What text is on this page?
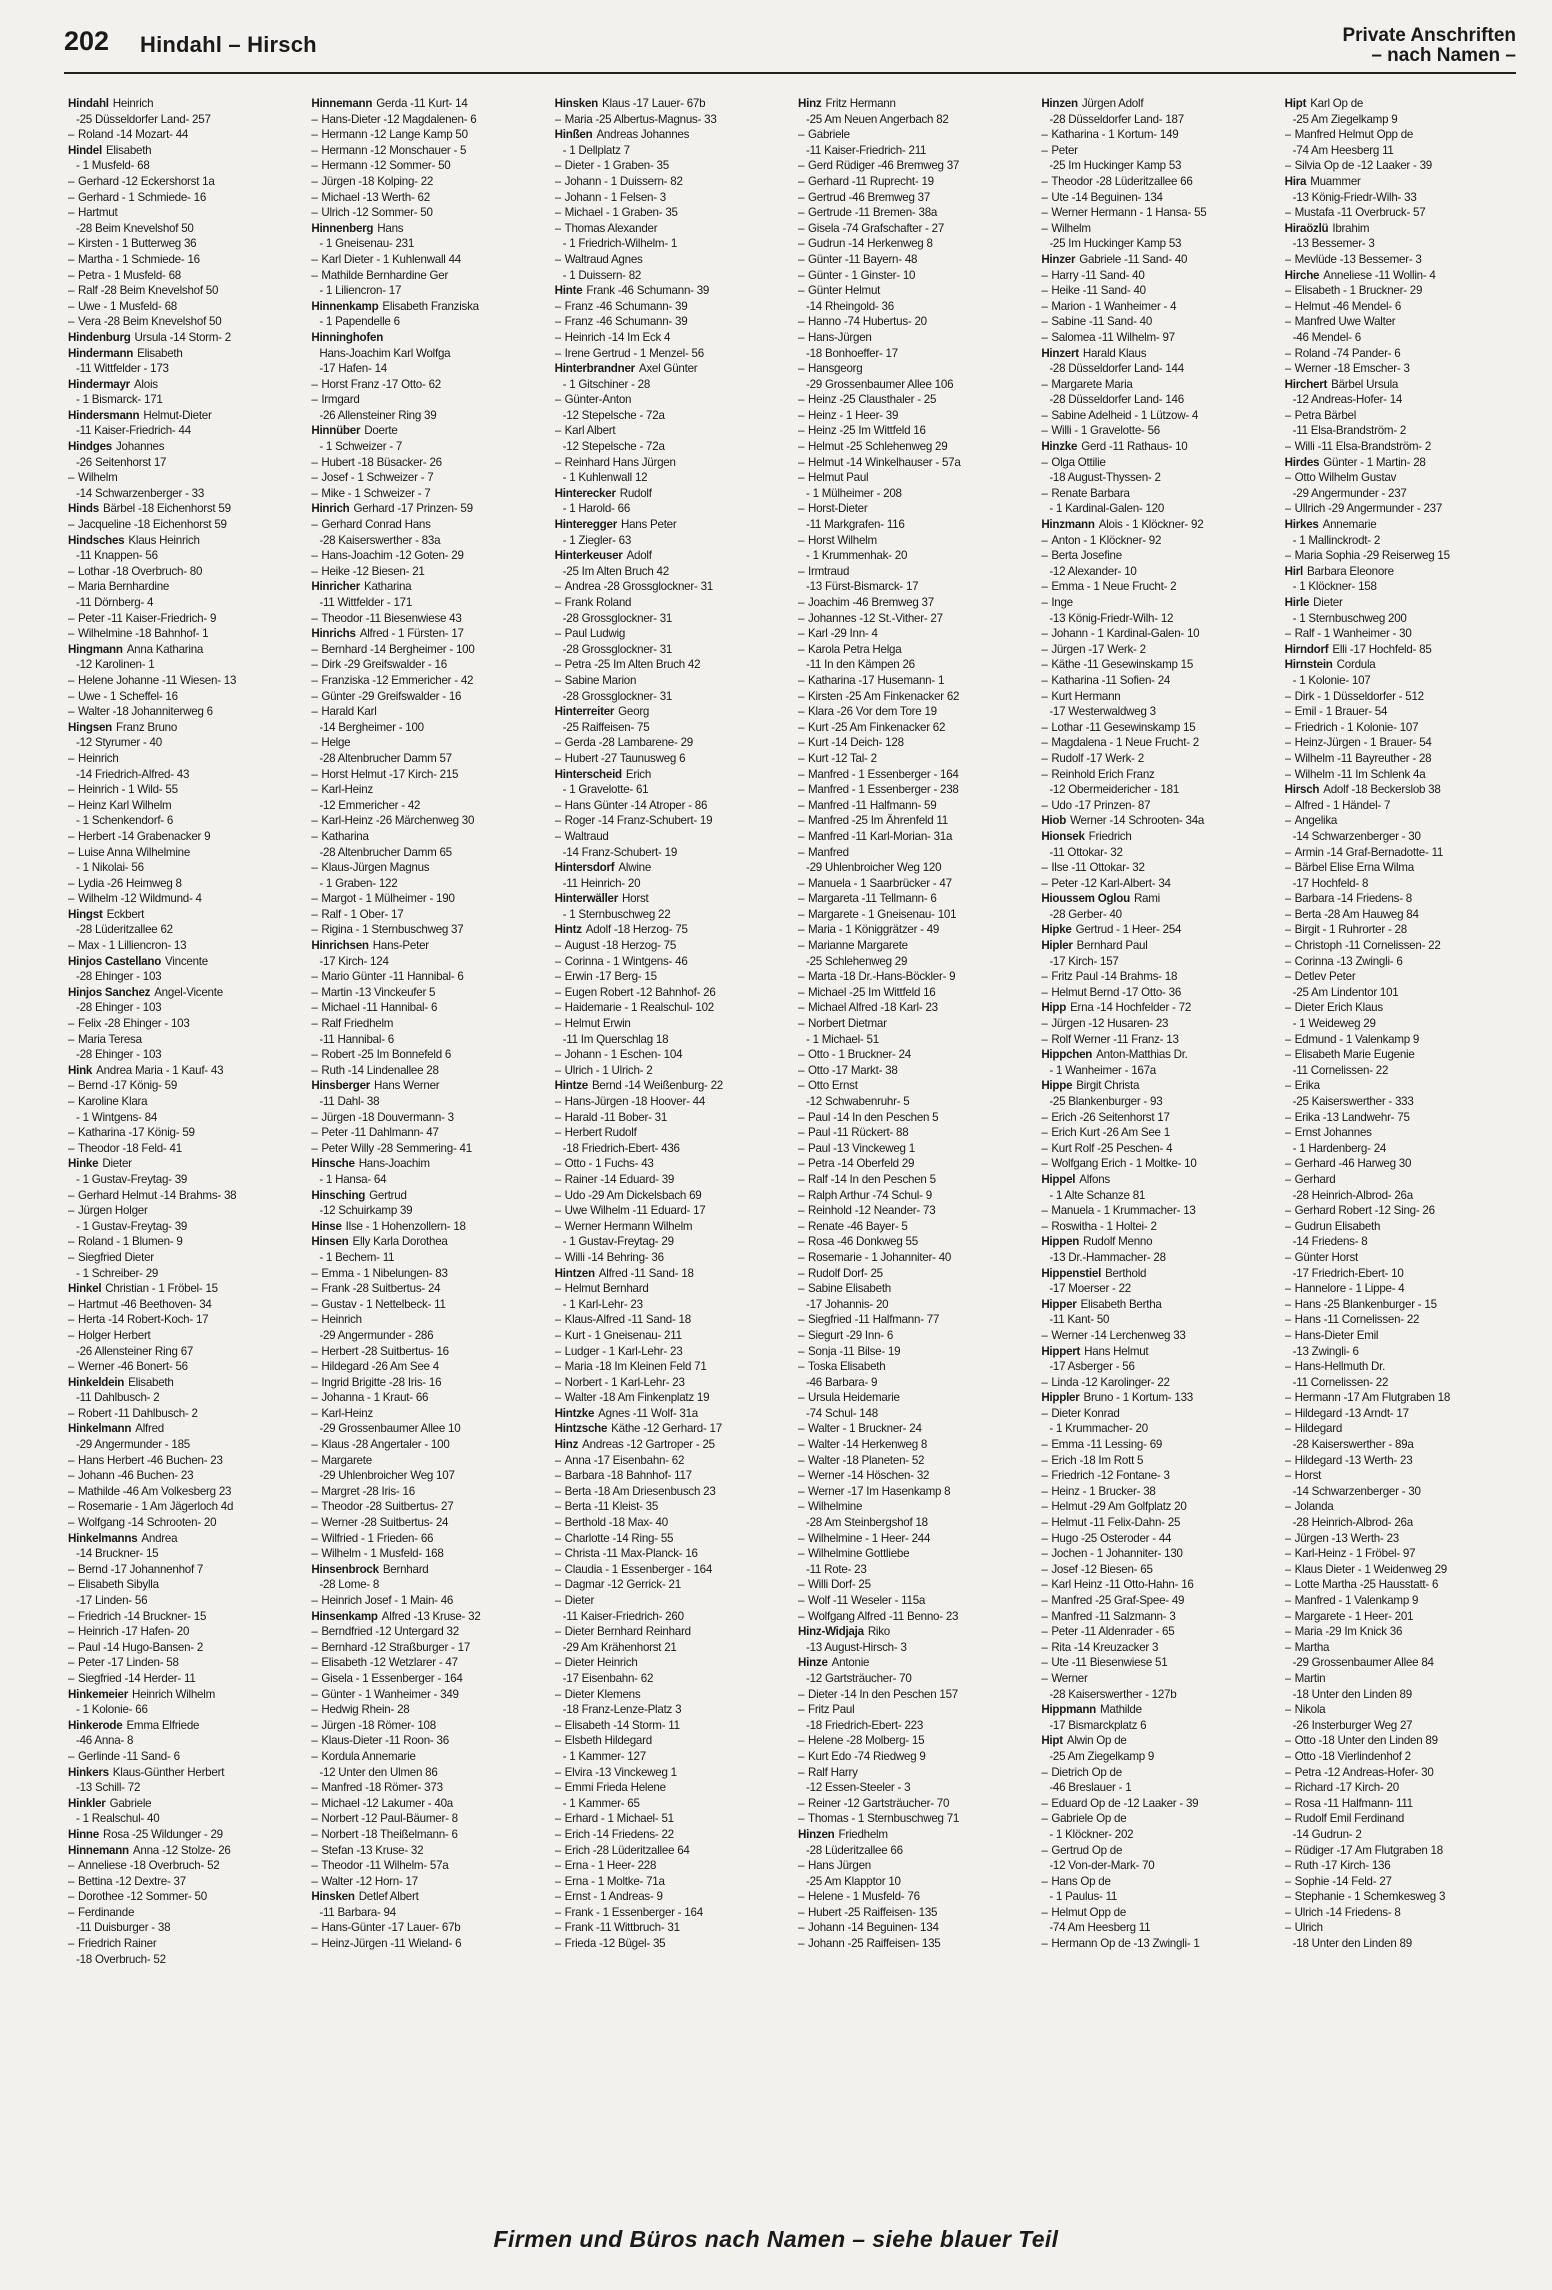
202 Hindahl – Hirsch	Private Anschriften
– nach Namen –
Hindahl Heinrich
-25 Düsseldorfer Land- 257
– Roland -14 Mozart- 44
Hindel Elisabeth
- 1 Musfeld- 68
– Gerhard -12 Eckershorst 1a
– Gerhard - 1 Schmiede- 16
– Hartmut
-28 Beim Knevelshof 50
– Kirsten - 1 Butterweg 36
– Martha - 1 Schmiede- 16
– Petra - 1 Musfeld- 68
– Ralf -28 Beim Knevelshof 50
– Uwe - 1 Musfeld- 68
– Vera -28 Beim Knevelshof 50
Hindenburg Ursula -14 Storm- 2
Hindermann Elisabeth
-11 Wittfelder - 173
Hindermayr Alois
- 1 Bismarck- 171
Hindersmann Helmut-Dieter
-11 Kaiser-Friedrich- 44
Hindges Johannes
-26 Seitenhorst 17
– Wilhelm
-14 Schwarzenberger - 33
Hinds Bärbel -18 Eichenhorst 59
– Jacqueline -18 Eichenhorst 59
Hindsches Klaus Heinrich
-11 Knappen- 56
– Lothar -18 Overbruch- 80
– Maria Bernhardine
-11 Dörnberg- 4
– Peter -11 Kaiser-Friedrich- 9
– Wilhelmine -18 Bahnhof- 1
Hingmann Anna Katharina
-12 Karolinen- 1
– Helene Johanne -11 Wiesen- 13
– Uwe - 1 Scheffel- 16
– Walter -18 Johanniterweg 6
Hingsen Franz Bruno
-12 Styrumer - 40
– Heinrich
-14 Friedrich-Alfred- 43
– Heinrich - 1 Wild- 55
– Heinz Karl Wilhelm
- 1 Schenkendorf- 6
– Herbert -14 Grabenacker 9
– Luise Anna Wilhelmine
- 1 Nikolai- 56
– Lydia -26 Heimweg 8
– Wilhelm -12 Wildmund- 4
Hingst Eckbert
-28 Lüderitzallee 62
– Max - 1 Lilliencron- 13
Hinjos Castellano Vincente
-28 Ehinger - 103
Hinjos Sanchez Angel-Vicente
-28 Ehinger - 103
– Felix -28 Ehinger - 103
– Maria Teresa
-28 Ehinger - 103
Hink Andrea Maria - 1 Kauf- 43
– Bernd -17 König- 59
– Karoline Klara
- 1 Wintgens- 84
– Katharina -17 König- 59
– Theodor -18 Feld- 41
Hinke Dieter
- 1 Gustav-Freytag- 39
– Gerhard Helmut -14 Brahms- 38
– Jürgen Holger
- 1 Gustav-Freytag- 39
– Roland - 1 Blumen- 9
– Siegfried Dieter
- 1 Schreiber- 29
Hinkel Christian - 1 Fröbel- 15
– Hartmut -46 Beethoven- 34
– Herta -14 Robert-Koch- 17
– Holger Herbert
-26 Allensteiner Ring 67
– Werner -46 Bonert- 56
Hinkeldein Elisabeth
-11 Dahlbusch- 2
– Robert -11 Dahlbusch- 2
Hinkelmann Alfred
-29 Angermunder - 185
– Hans Herbert -46 Buchen- 23
– Johann -46 Buchen- 23
– Mathilde -46 Am Volkesberg 23
– Rosemarie - 1 Am Jägerloch 4d
– Wolfgang -14 Schrooten- 20
Hinkelmanns Andrea
-14 Bruckner- 15
– Bernd -17 Johannenhof 7
– Elisabeth Sibylla
-17 Linden- 56
– Friedrich -14 Bruckner- 15
– Heinrich -17 Hafen- 20
– Paul -14 Hugo-Bansen- 2
– Peter -17 Linden- 58
– Siegfried -14 Herder- 11
Hinkemeier Heinrich Wilhelm
- 1 Kolonie- 66
Hinkerode Emma Elfriede
-46 Anna- 8
– Gerlinde -11 Sand- 6
Hinkers Klaus-Günther Herbert
-13 Schill- 72
Hinkler Gabriele
- 1 Realschul- 40
Hinne Rosa -25 Wildunger - 29
Hinnemann Anna -12 Stolze- 26
– Anneliese -18 Overbruch- 52
– Bettina -12 Dextre- 37
– Dorothee -12 Sommer- 50
– Ferdinande
-11 Duisburger - 38
– Friedrich Rainer
-18 Overbruch- 52
Hinnemann Gerda -11 Kurt- 14
– Hans-Dieter -12 Magdalenen- 6
– Hermann -12 Lange Kamp 50
– Hermann -12 Monschauer - 5
– Hermann -12 Sommer- 50
– Jürgen -18 Kolping- 22
– Michael -13 Werth- 62
– Ulrich -12 Sommer- 50
Hinnenberg Hans
- 1 Gneisenau- 231
– Karl Dieter - 1 Kuhlenwall 44
– Mathilde Bernhardine Ger
- 1 Liliencron- 17
Hinnenkamp Elisabeth Franziska
- 1 Papendelle 6
Hinninghofen
Hans-Joachim Karl Wolfga
-17 Hafen- 14
– Horst Franz -17 Otto- 62
– Irmgard
-26 Allensteiner Ring 39
Hinnüber Doerte
- 1 Schweizer - 7
– Hubert -18 Büsacker- 26
– Josef - 1 Schweizer - 7
– Mike - 1 Schweizer - 7
Hinrich Gerhard -17 Prinzen- 59
– Gerhard Conrad Hans
-28 Kaiserswerther - 83a
– Hans-Joachim -12 Goten- 29
– Heike -12 Biesen- 21
Hinricher Katharina
-11 Wittfelder - 171
– Theodor -11 Biesenwiese 43
Hinrichs Alfred - 1 Fürsten- 17
– Bernhard -14 Bergheimer - 100
– Dirk -29 Greifswalder - 16
– Franziska -12 Emmericher - 42
– Günter -29 Greifswalder - 16
– Harald Karl
-14 Bergheimer - 100
– Helge
-28 Altenbrucher Damm 57
– Horst Helmut -17 Kirch- 215
– Karl-Heinz
-12 Emmericher - 42
– Karl-Heinz -26 Märchenweg 30
– Katharina
-28 Altenbrucher Damm 65
– Klaus-Jürgen Magnus
- 1 Graben- 122
– Margot - 1 Mülheimer - 190
– Ralf - 1 Ober- 17
– Rigina - 1 Sternbuschweg 37
Hinrichsen Hans-Peter
-17 Kirch- 124
– Mario Günter -11 Hannibal- 6
– Martin -13 Vinckeufer 5
– Michael -11 Hannibal- 6
– Ralf Friedhelm
-11 Hannibal- 6
– Robert -25 Im Bonnefeld 6
– Ruth -14 Lindenallee 28
Hinsberger Hans Werner
-11 Dahl- 38
– Jürgen -18 Douvermann- 3
– Peter -11 Dahlmann- 47
– Peter Willy -28 Semmering- 41
Hinsche Hans-Joachim
- 1 Hansa- 64
Hinsching Gertrud
-12 Schuirkamp 39
Hinse Ilse - 1 Hohenzollern- 18
Hinsen Elly Karla Dorothea
- 1 Bechem- 11
– Emma - 1 Nibelungen- 83
– Frank -28 Suitbertus- 24
– Gustav - 1 Nettelbeck- 11
– Heinrich
-29 Angermunder - 286
– Herbert -28 Suitbertus- 16
– Hildegard -26 Am See 4
– Ingrid Brigitte -28 Iris- 16
– Johanna - 1 Kraut- 66
– Karl-Heinz
-29 Grossenbaumer Allee 10
– Klaus -28 Angertaler - 100
– Margarete
-29 Uhlenbroicher Weg 107
– Margret -28 Iris- 16
– Theodor -28 Suitbertus- 27
– Werner -28 Suitbertus- 24
– Wilfried - 1 Frieden- 66
– Wilhelm - 1 Musfeld- 168
Hinsenbrock Bernhard
-28 Lome- 8
– Heinrich Josef - 1 Main- 46
Hinsenkamp Alfred -13 Kruse- 32
– Berndfried -12 Untergard 32
– Bernhard -12 Straßburger - 17
– Elisabeth -12 Wetzlarer - 47
– Gisela - 1 Essenberger - 164
– Günter - 1 Wanheimer - 349
– Hedwig Rhein- 28
– Jürgen -18 Römer- 108
– Klaus-Dieter -11 Roon- 36
– Kordula Annemarie
-12 Unter den Ulmen 86
– Manfred -18 Römer- 373
– Michael -12 Lakumer - 40a
– Norbert -12 Paul-Bäumer- 8
– Norbert -18 Theißelmann- 6
– Stefan -13 Kruse- 32
– Theodor -11 Wilhelm- 57a
– Walter -12 Horn- 17
Hinsken Detlef Albert
-11 Barbara- 94
– Hans-Günter -17 Lauer- 67b
– Heinz-Jürgen -11 Wieland- 6
Hinsken Klaus -17 Lauer- 67b
– Maria -25 Albertus-Magnus- 33
Hinßen Andreas Johannes
- 1 Dellplatz 7
– Dieter - 1 Graben- 35
– Johann - 1 Duissern- 82
– Johann - 1 Felsen- 3
– Michael - 1 Graben- 35
– Thomas Alexander
- 1 Friedrich-Wilhelm- 1
– Waltraud Agnes
- 1 Duissern- 82
Hinte Frank -46 Schumann- 39
– Franz -46 Schumann- 39
– Franz -46 Schumann- 39
– Heinrich -14 Im Eck 4
– Irene Gertrud - 1 Menzel- 56
Hinterbrandner Axel Günter
- 1 Gitschiner - 28
– Günter-Anton
-12 Stepelsche - 72a
– Karl Albert
-12 Stepelsche - 72a
– Reinhard Hans Jürgen
- 1 Kuhlenwall 12
Hinterecker Rudolf
- 1 Harold- 66
Hinteregger Hans Peter
- 1 Ziegler- 63
Hinterkeuser Adolf
-25 Im Alten Bruch 42
– Andrea -28 Grossglockner- 31
– Frank Roland
-28 Grossglockner- 31
– Paul Ludwig
-28 Grossglockner- 31
– Petra -25 Im Alten Bruch 42
– Sabine Marion
-28 Grossglockner- 31
Hinterreiter Georg
-25 Raiffeisen- 75
– Gerda -28 Lambarene- 29
– Hubert -27 Taunusweg 6
Hinterscheid Erich
- 1 Gravelotte- 61
– Hans Günter -14 Atroper - 86
– Roger -14 Franz-Schubert- 19
– Waltraud
-14 Franz-Schubert- 19
Hintersdorf Alwine
-11 Heinrich- 20
Hinterwäller Horst
- 1 Sternbuschweg 22
Hintz Adolf -18 Herzog- 75
– August -18 Herzog- 75
– Corinna - 1 Wintgens- 46
– Erwin -17 Berg- 15
– Eugen Robert -12 Bahnhof- 26
– Haidemarie - 1 Realschul- 102
– Helmut Erwin
-11 Im Querschlag 18
– Johann - 1 Eschen- 104
– Ulrich - 1 Ulrich- 2
Hintze Bernd -14 Weißenburg- 22
– Hans-Jürgen -18 Hoover- 44
– Harald -11 Bober- 31
– Herbert Rudolf
-18 Friedrich-Ebert- 436
– Otto - 1 Fuchs- 43
– Rainer -14 Eduard- 39
– Udo -29 Am Dickelsbach 69
– Uwe Wilhelm -11 Eduard- 17
– Werner Hermann Wilhelm
- 1 Gustav-Freytag- 29
– Willi -14 Behring- 36
Hintzen Alfred -11 Sand- 18
– Helmut Bernhard
- 1 Karl-Lehr- 23
– Klaus-Alfred -11 Sand- 18
– Kurt - 1 Gneisenau- 211
– Ludger - 1 Karl-Lehr- 23
– Maria -18 Im Kleinen Feld 71
– Norbert - 1 Karl-Lehr- 23
– Walter -18 Am Finkenplatz 19
Hintzke Agnes -11 Wolf- 31a
Hintzsche Käthe -12 Gerhard- 17
Hinz Andreas -12 Gartroper - 25
– Anna -17 Eisenbahn- 62
– Barbara -18 Bahnhof- 117
– Berta -18 Am Driesenbusch 23
– Berta -11 Kleist- 35
– Berthold -18 Max- 40
– Charlotte -14 Ring- 55
– Christa -11 Max-Planck- 16
– Claudia - 1 Essenberger - 164
– Dagmar -12 Gerrick- 21
– Dieter
-11 Kaiser-Friedrich- 260
– Dieter Bernhard Reinhard
-29 Am Krähenhorst 21
– Dieter Heinrich
-17 Eisenbahn- 62
– Dieter Klemens
-18 Franz-Lenze-Platz 3
– Elisabeth -14 Storm- 11
– Elsbeth Hildegard
- 1 Kammer- 127
– Elvira -13 Vinckeweg 1
– Emmi Frieda Helene
- 1 Kammer- 65
– Erhard - 1 Michael- 51
– Erich -14 Friedens- 22
– Erich -28 Lüderitzallee 64
– Erna - 1 Heer- 228
– Erna - 1 Moltke- 71a
– Ernst - 1 Andreas- 9
– Frank - 1 Essenberger - 164
– Frank -11 Wittbruch- 31
– Frieda -12 Bügel- 35
Hinz Fritz Hermann
-25 Am Neuen Angerbach 82
– Gabriele
-11 Kaiser-Friedrich- 211
– Gerd Rüdiger -46 Bremweg 37
– Gerhard -11 Ruprecht- 19
– Gertrud -46 Bremweg 37
– Gertrude -11 Bremen- 38a
– Gisela -74 Grafschafter - 27
– Gudrun -14 Herkenweg 8
– Günter -11 Bayern- 48
– Günter - 1 Ginster- 10
– Günter Helmut
-14 Rheingold- 36
– Hanno -74 Hubertus- 20
– Hans-Jürgen
-18 Bonhoeffer- 17
– Hansgeorg
-29 Grossenbaumer Allee 106
– Heinz -25 Clausthaler - 25
– Heinz - 1 Heer- 39
– Heinz -25 Im Wittfeld 16
– Helmut -25 Schlehenweg 29
– Helmut -14 Winkelhauser - 57a
– Helmut Paul
- 1 Mülheimer - 208
– Horst-Dieter
-11 Markgrafen- 116
– Horst Wilhelm
- 1 Krummenhak- 20
– Irmtraud
-13 Fürst-Bismarck- 17
– Joachim -46 Bremweg 37
– Johannes -12 St.-Vither- 27
– Karl -29 Inn- 4
– Karola Petra Helga
-11 In den Kämpen 26
– Katharina -17 Husemann- 1
– Kirsten -25 Am Finkenacker 62
– Klara -26 Vor dem Tore 19
– Kurt -25 Am Finkenacker 62
– Kurt -14 Deich- 128
– Kurt -12 Tal- 2
– Manfred - 1 Essenberger - 164
– Manfred - 1 Essenberger - 238
– Manfred -11 Halfmann- 59
– Manfred -25 Im Ährenfeld 11
– Manfred -11 Karl-Morian- 31a
– Manfred
-29 Uhlenbroicher Weg 120
– Manuela - 1 Saarbrücker - 47
– Margareta -11 Tellmann- 6
– Margarete - 1 Gneisenau- 101
– Maria - 1 Königgrätzer - 49
– Marianne Margarete
-25 Schlehenweg 29
– Marta -18 Dr.-Hans-Böckler- 9
– Michael -25 Im Wittfeld 16
– Michael Alfred -18 Karl- 23
– Norbert Dietmar
- 1 Michael- 51
– Otto - 1 Bruckner- 24
– Otto -17 Markt- 38
– Otto Ernst
-12 Schwabenruhr- 5
– Paul -14 In den Peschen 5
– Paul -11 Rückert- 88
– Paul -13 Vinckeweg 1
– Petra -14 Oberfeld 29
– Ralf -14 In den Peschen 5
– Ralph Arthur -74 Schul- 9
– Reinhold -12 Neander- 73
– Renate -46 Bayer- 5
– Rosa -46 Donkweg 55
– Rosemarie - 1 Johanniter- 40
– Rudolf Dorf- 25
– Sabine Elisabeth
-17 Johannis- 20
– Siegfried -11 Halfmann- 77
– Siegurt -29 Inn- 6
– Sonja -11 Bilse- 19
– Toska Elisabeth
-46 Barbara- 9
– Ursula Heidemarie
-74 Schul- 148
– Walter - 1 Bruckner- 24
– Walter -14 Herkenweg 8
– Walter -18 Planeten- 52
– Werner -14 Höschen- 32
– Werner -17 Im Hasenkamp 8
– Wilhelmine
-28 Am Steinbergshof 18
– Wilhelmine - 1 Heer- 244
– Wilhelmine Gottliebe
-11 Rote- 23
– Willi Dorf- 25
– Wolf -11 Weseler - 115a
– Wolfgang Alfred -11 Benno- 23
Hinz-Widjaja Riko
-13 August-Hirsch- 3
Hinze Antonie
-12 Gartsträucher- 70
– Dieter -14 In den Peschen 157
– Fritz Paul
-18 Friedrich-Ebert- 223
– Helene -28 Molberg- 15
– Kurt Edo -74 Riedweg 9
– Ralf Harry
-12 Essen-Steeler - 3
– Reiner -12 Gartsträucher- 70
– Thomas - 1 Sternbuschweg 71
Hinzen Friedhelm
-28 Lüderitzallee 66
– Hans Jürgen
-25 Am Klapptor 10
– Helene - 1 Musfeld- 76
– Hubert -25 Raiffeisen- 135
– Johann -14 Beguinen- 134
– Johann -25 Raiffeisen- 135
Hinzen Jürgen Adolf
-28 Düsseldorfer Land- 187
– Katharina - 1 Kortum- 149
– Peter
-25 Im Huckinger Kamp 53
– Theodor -28 Lüderitzallee 66
– Ute -14 Beguinen- 134
– Werner Hermann - 1 Hansa- 55
– Wilhelm
-25 Im Huckinger Kamp 53
Hinzer Gabriele -11 Sand- 40
– Harry -11 Sand- 40
– Heike -11 Sand- 40
– Marion - 1 Wanheimer - 4
– Sabine -11 Sand- 40
– Salomea -11 Wilhelm- 97
Hinzert Harald Klaus
-28 Düsseldorfer Land- 144
– Margarete Maria
-28 Düsseldorfer Land- 146
– Sabine Adelheid - 1 Lützow- 4
– Willi - 1 Gravelotte- 56
Hinzke Gerd -11 Rathaus- 10
– Olga Ottilie
-18 August-Thyssen- 2
– Renate Barbara
- 1 Kardinal-Galen- 120
Hinzmann Alois - 1 Klöckner- 92
– Anton - 1 Klöckner- 92
– Berta Josefine
-12 Alexander- 10
– Emma - 1 Neue Frucht- 2
– Inge
-13 König-Friedr-Wilh- 12
– Johann - 1 Kardinal-Galen- 10
– Jürgen -17 Werk- 2
– Käthe -11 Gesewinskamp 15
– Katharina -11 Sofien- 24
– Kurt Hermann
-17 Westerwaldweg 3
– Lothar -11 Gesewinskamp 15
– Magdalena - 1 Neue Frucht- 2
– Rudolf -17 Werk- 2
– Reinhold Erich Franz
-12 Obermeidericher - 181
– Udo -17 Prinzen- 87
Hiob Werner -14 Schrooten- 34a
Hionsek Friedrich
-11 Ottokar- 32
– Ilse -11 Ottokar- 32
– Peter -12 Karl-Albert- 34
Hioussem Oglou Rami
-28 Gerber- 40
Hipke Gertrud - 1 Heer- 254
Hipler Bernhard Paul
-17 Kirch- 157
– Fritz Paul -14 Brahms- 18
– Helmut Bernd -17 Otto- 36
Hipp Erna -14 Hochfelder - 72
– Jürgen -12 Husaren- 23
– Rolf Werner -11 Franz- 13
Hippchen Anton-Matthias Dr.
- 1 Wanheimer - 167a
Hippe Birgit Christa
-25 Blankenburger - 93
– Erich -26 Seitenhorst 17
– Erich Kurt -26 Am See 1
– Kurt Rolf -25 Peschen- 4
– Wolfgang Erich - 1 Moltke- 10
Hippel Alfons
- 1 Alte Schanze 81
– Manuela - 1 Krummacher- 13
– Roswitha - 1 Holtei- 2
Hippen Rudolf Menno
-13 Dr.-Hammacher- 28
Hippenstiel Berthold
-17 Moerser - 22
Hipper Elisabeth Bertha
-11 Kant- 50
– Werner -14 Lerchenweg 33
Hippert Hans Helmut
-17 Asberger - 56
– Linda -12 Karolinger- 22
Hippler Bruno - 1 Kortum- 133
– Dieter Konrad
- 1 Krummacher- 20
– Emma -11 Lessing- 69
– Erich -18 Im Rott 5
– Friedrich -12 Fontane- 3
– Heinz - 1 Brucker- 38
– Helmut -29 Am Golfplatz 20
– Helmut -11 Felix-Dahn- 25
– Hugo -25 Osteroder - 44
– Jochen - 1 Johanniter- 130
– Josef -12 Biesen- 65
– Karl Heinz -11 Otto-Hahn- 16
– Manfred -25 Graf-Spee- 49
– Manfred -11 Salzmann- 3
– Peter -11 Aldenrader - 65
– Rita -14 Kreuzacker 3
– Ute -11 Biesenwiese 51
– Werner
-28 Kaiserswerther - 127b
Hippmann Mathilde
-17 Bismarckplatz 6
Hipt Alwin Op de
-25 Am Ziegelkamp 9
– Dietrich Op de
-46 Breslauer - 1
– Eduard Op de -12 Laaker - 39
– Gabriele Op de
- 1 Klöckner- 202
– Gertrud Op de
-12 Von-der-Mark- 70
– Hans Op de
- 1 Paulus- 11
– Helmut Opp de
-74 Am Heesberg 11
– Hermann Op de -13 Zwingli- 1
Hipt Karl Op de
-25 Am Ziegelkamp 9
– Manfred Helmut Opp de
-74 Am Heesberg 11
– Silvia Op de -12 Laaker - 39
Hira Muammer
-13 König-Friedr-Wilh- 33
– Mustafa -11 Overbruck- 57
Hiraözlü Ibrahim
-13 Bessemer- 3
– Mevlüde -13 Bessemer- 3
Hirche Anneliese -11 Wollin- 4
– Elisabeth - 1 Bruckner- 29
– Helmut -46 Mendel- 6
– Manfred Uwe Walter
-46 Mendel- 6
– Roland -74 Pander- 6
– Werner -18 Emscher- 3
Hirchert Bärbel Ursula
-12 Andreas-Hofer- 14
– Petra Bärbel
-11 Elsa-Brandström- 2
– Willi -11 Elsa-Brandström- 2
Hirdes Günter - 1 Martin- 28
– Otto Wilhelm Gustav
-29 Angermunder - 237
– Ullrich -29 Angermunder - 237
Hirkes Annemarie
- 1 Mallinckrodt- 2
– Maria Sophia -29 Reiserweg 15
Hirl Barbara Eleonore
- 1 Klöckner- 158
Hirle Dieter
- 1 Sternbuschweg 200
– Ralf - 1 Wanheimer - 30
Hirndorf Elli -17 Hochfeld- 85
Hirnstein Cordula
- 1 Kolonie- 107
– Dirk - 1 Düsseldorfer - 512
– Emil - 1 Brauer- 54
– Friedrich - 1 Kolonie- 107
– Heinz-Jürgen - 1 Brauer- 54
– Wilhelm -11 Bayreuther - 28
– Wilhelm -11 Im Schlenk 4a
Hirsch Adolf -18 Beckerslob 38
– Alfred - 1 Händel- 7
– Angelika
-14 Schwarzenberger - 30
– Armin -14 Graf-Bernadotte- 11
– Bärbel Elise Erna Wilma
-17 Hochfeld- 8
– Barbara -14 Friedens- 8
– Berta -28 Am Hauweg 84
– Birgit - 1 Ruhrorter - 28
– Christoph -11 Cornelissen- 22
– Corinna -13 Zwingli- 6
– Detlev Peter
-25 Am Lindentor 101
– Dieter Erich Klaus
- 1 Weideweg 29
– Edmund - 1 Valenkamp 9
– Elisabeth Marie Eugenie
-11 Cornelissen- 22
– Erika
-25 Kaiserswerther - 333
– Erika -13 Landwehr- 75
– Ernst Johannes
- 1 Hardenberg- 24
– Gerhard -46 Harweg 30
– Gerhard
-28 Heinrich-Albrod- 26a
– Gerhard Robert -12 Sing- 26
– Gudrun Elisabeth
-14 Friedens- 8
– Günter Horst
-17 Friedrich-Ebert- 10
– Hannelore - 1 Lippe- 4
– Hans -25 Blankenburger - 15
– Hans -11 Cornelissen- 22
– Hans-Dieter Emil
-13 Zwingli- 6
– Hans-Hellmuth Dr.
-11 Cornelissen- 22
– Hermann -17 Am Flutgraben 18
– Hildegard -13 Arndt- 17
– Hildegard
-28 Kaiserswerther - 89a
– Hildegard -13 Werth- 23
– Horst
-14 Schwarzenberger - 30
– Jolanda
-28 Heinrich-Albrod- 26a
– Jürgen -13 Werth- 23
– Karl-Heinz - 1 Fröbel- 97
– Klaus Dieter - 1 Weidenweg 29
– Lotte Martha -25 Hausstatt- 6
– Manfred - 1 Valenkamp 9
– Margarete - 1 Heer- 201
– Maria -29 Im Knick 36
– Martha
-29 Grossenbaumer Allee 84
– Martin
-18 Unter den Linden 89
– Nikola
-26 Insterburger Weg 27
– Otto -18 Unter den Linden 89
– Otto -18 Vierlindenhof 2
– Petra -12 Andreas-Hofer- 30
– Richard -17 Kirch- 20
– Rosa -11 Halfmann- 111
– Rudolf Emil Ferdinand
-14 Gudrun- 2
– Rüdiger -17 Am Flutgraben 18
– Ruth -17 Kirch- 136
– Sophie -14 Feld- 27
– Stephanie - 1 Schemkesweg 3
– Ulrich -14 Friedens- 8
– Ulrich
-18 Unter den Linden 89
Firmen und Büros nach Namen – siehe blauer Teil
